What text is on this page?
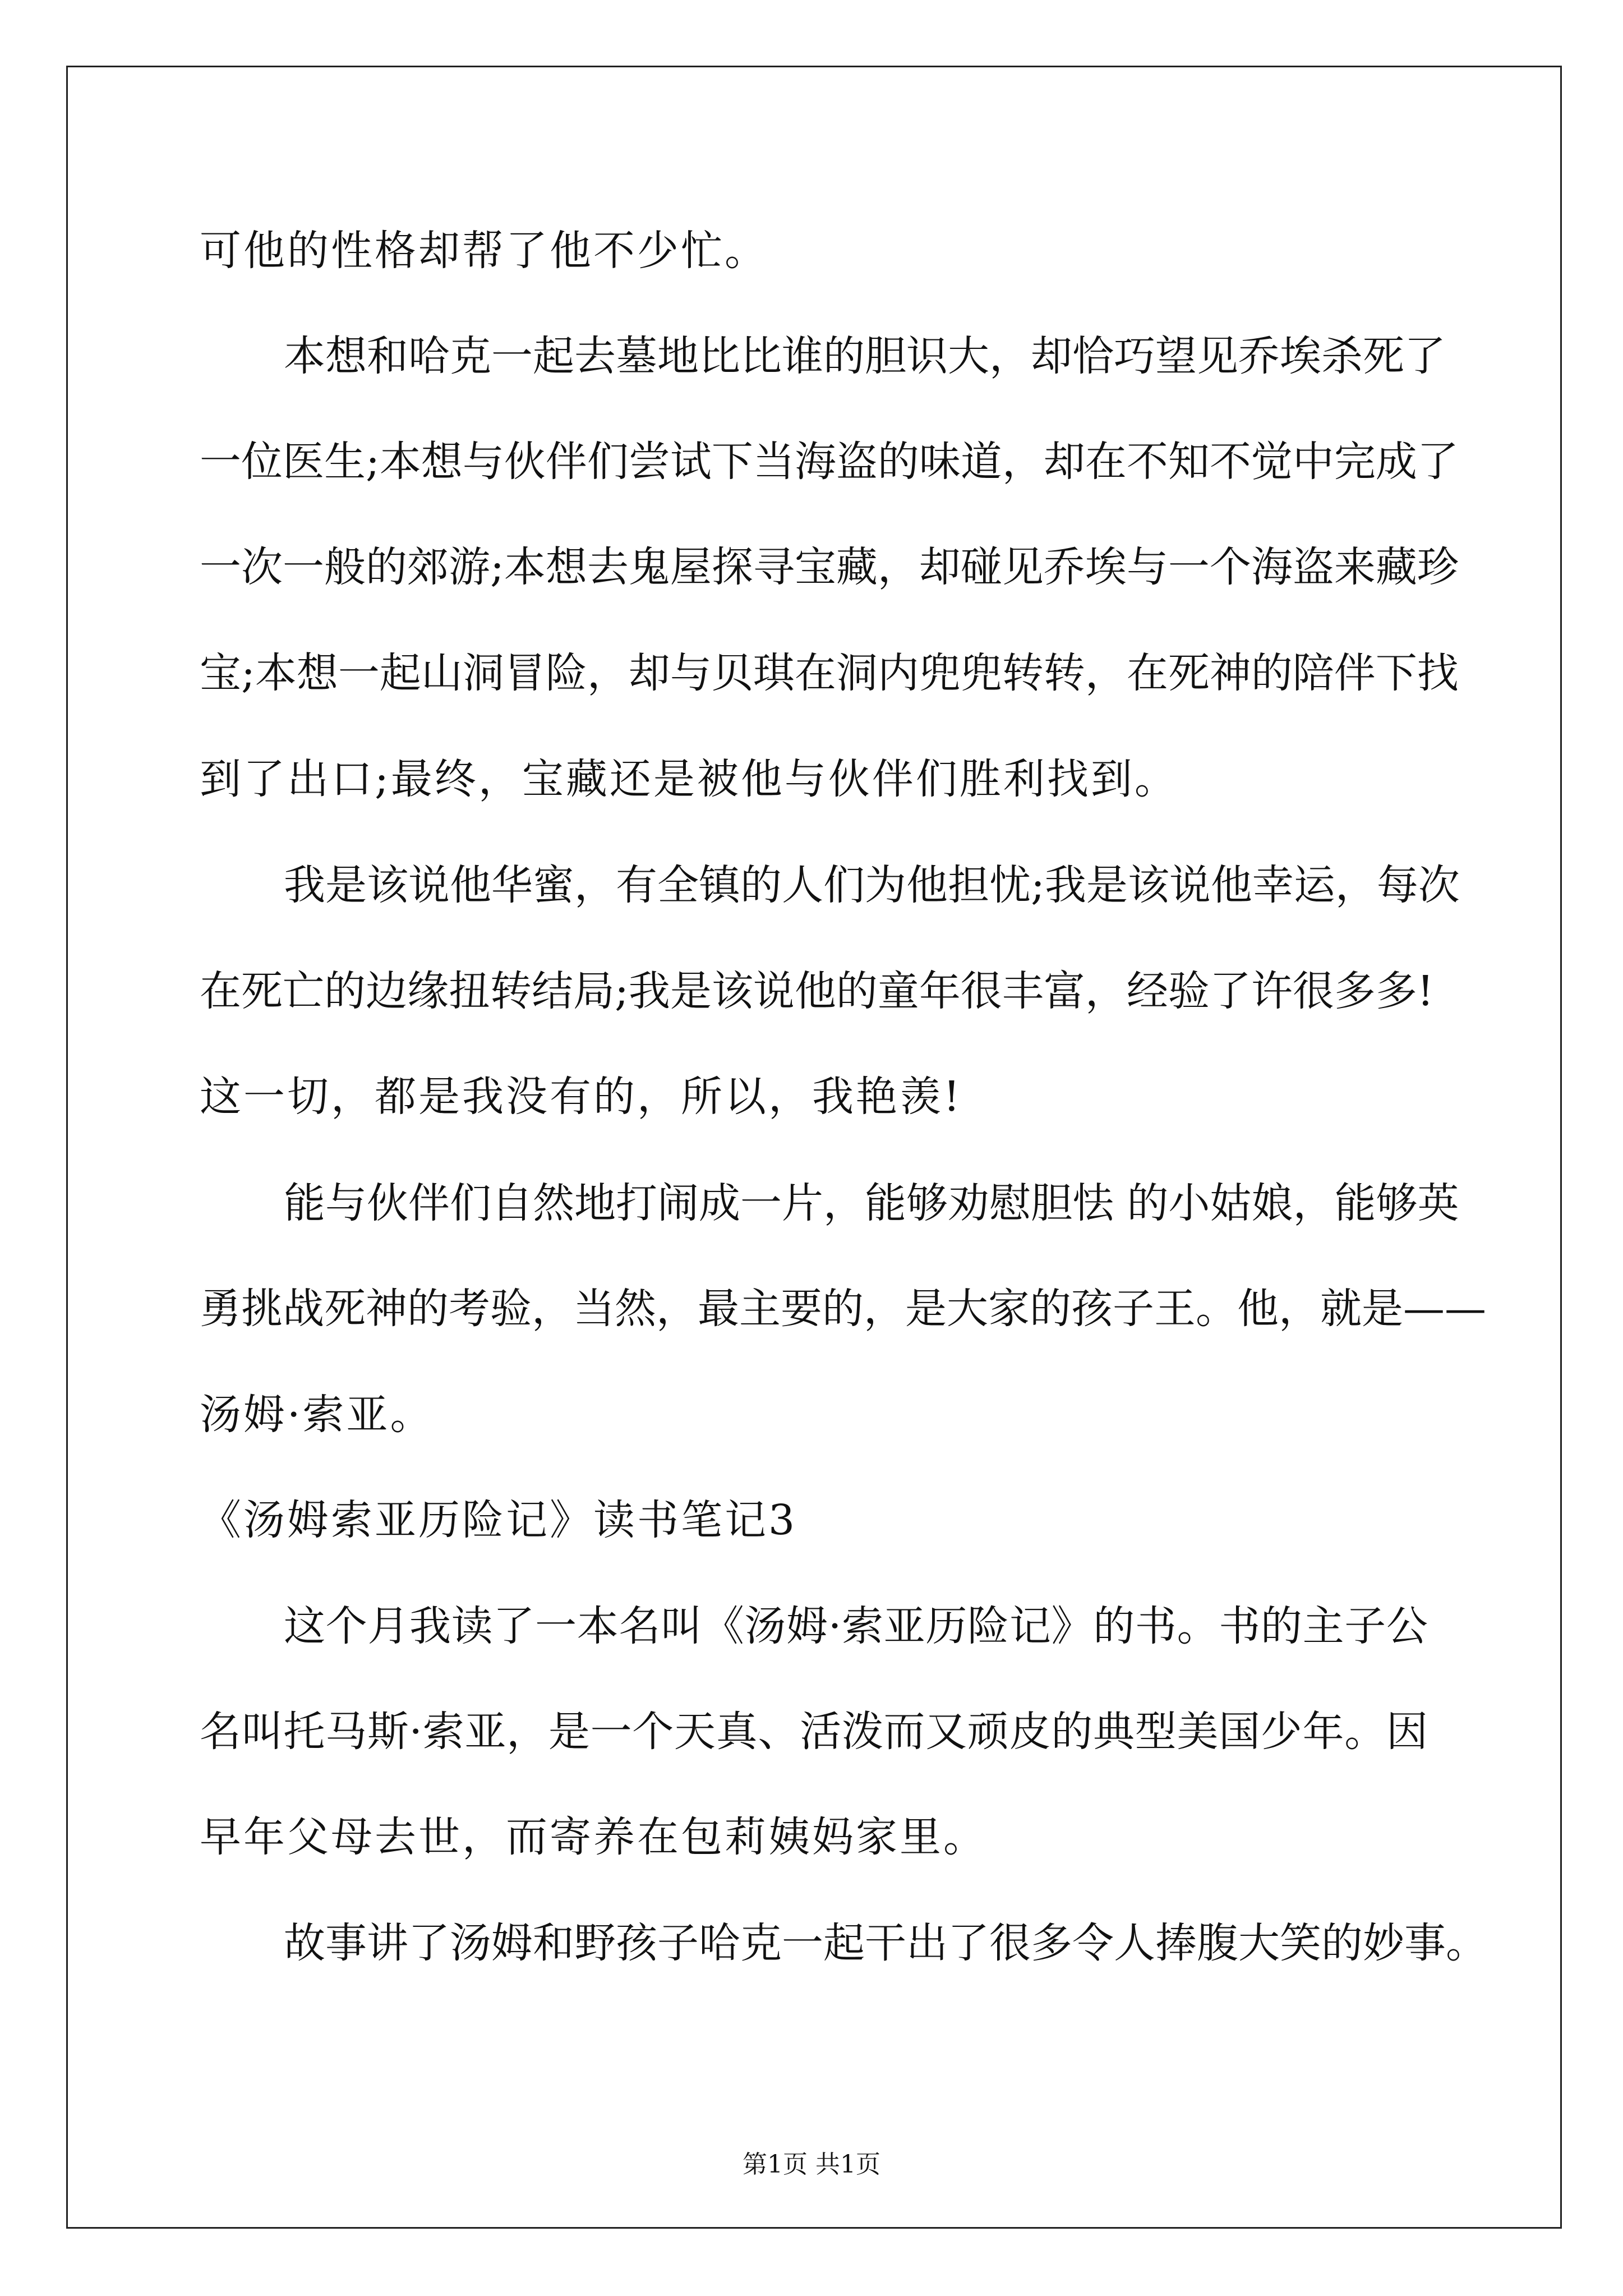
可他的性格却帮了他不少忙。
本想和哈克一起去墓地比比谁的胆识大，却恰巧望见乔埃杀死了
一位医生;本想与伙伴们尝试下当海盗的味道，却在不知不觉中完成了
一次一般的郊游;本想去鬼屋探寻宝藏，却碰见乔埃与一个海盗来藏珍
宝;本想一起山洞冒险，却与贝琪在洞内兜兜转转，在死神的陪伴下找
到了出口;最终，宝藏还是被他与伙伴们胜利找到。
我是该说他华蜜，有全镇的人们为他担忧;我是该说他幸运，每次
在死亡的边缘扭转结局;我是该说他的童年很丰富，经验了许很多多!
这一切，都是我没有的，所以，我艳羡!
能与伙伴们自然地打闹成一片，能够劝慰胆怯 的小姑娘，能够英
勇挑战死神的考验，当然，最主要的，是大家的孩子王。他，就是——
汤姆·索亚。
《汤姆索亚历险记》读书笔记3
这个月我读了一本名叫《汤姆·索亚历险记》的书。书的主子公
名叫托马斯·索亚，是一个天真、活泼而又顽皮的典型美国少年。因
早年父母去世，而寄养在包莉姨妈家里。
故事讲了汤姆和野孩子哈克一起干出了很多令人捧腹大笑的妙事。
第1页 共1页
